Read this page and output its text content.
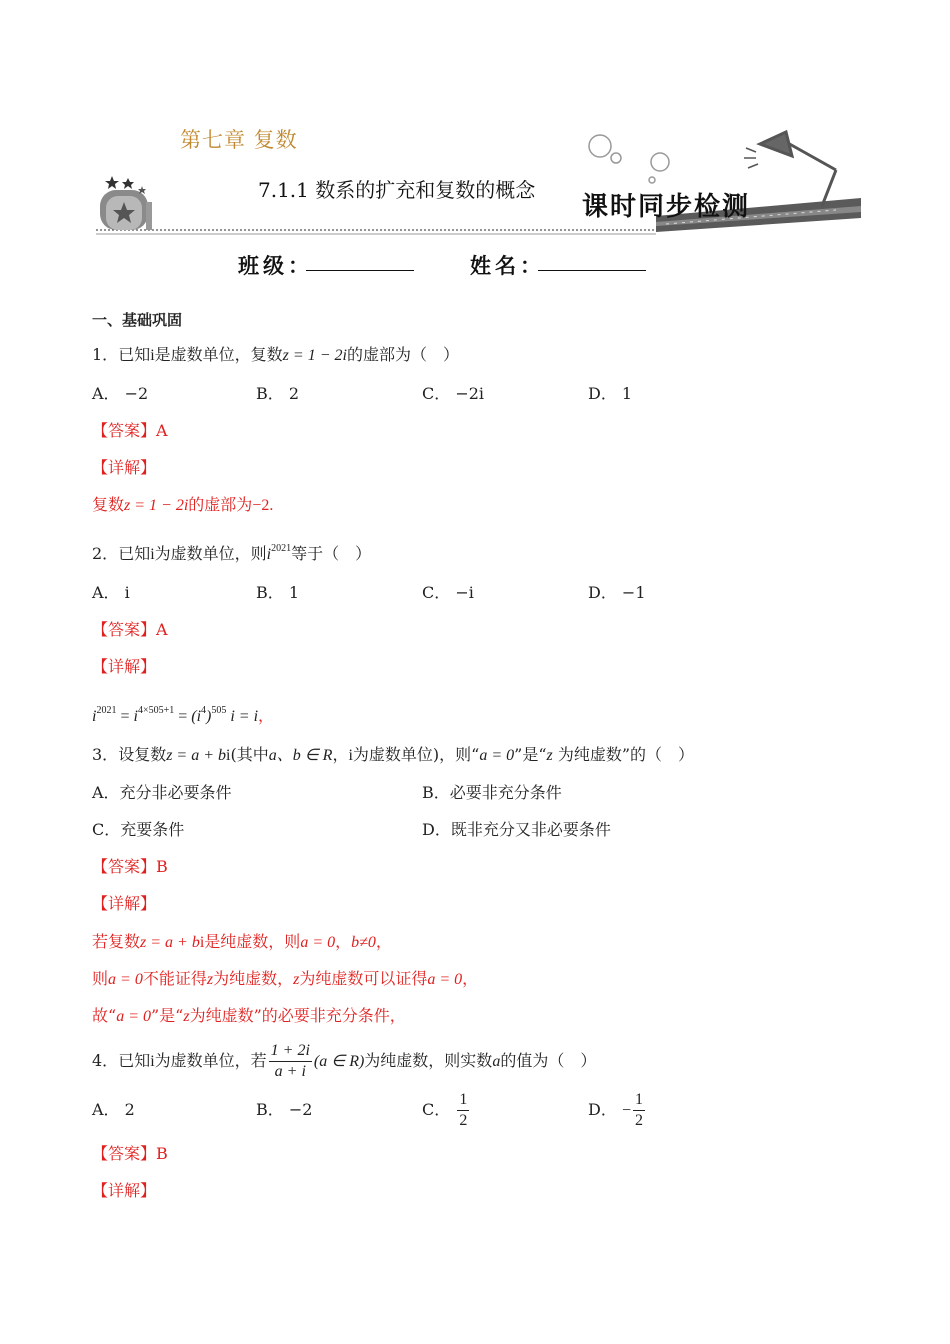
第七章 复数
7.1.1 数系的扩充和复数的概念
课时同步检测
班级：	姓名：
一、基础巩固
1．已知i是虚数单位，复数z = 1 − 2i的虚部为（　）
A． −2	B． 2	C． −2i	D． 1
【答案】A
【详解】
复数z = 1 − 2i的虚部为−2.
2．已知i为虚数单位，则$i^{2021}$等于（　）
A． i	B． 1	C． −i	D． −1
【答案】A
【详解】
$i^{2021} = i^{4\times 505+1} = (i^4)^{505}$ i = i，
3．设复数z = a + bi(其中a、b ∈ R，i为虚数单位)，则“a = 0”是“z 为纯虚数”的（　）
A．充分非必要条件	B．必要非充分条件
C．充要条件	D．既非充分又非必要条件
【答案】B
【详解】
若复数z = a + bi是纯虚数，则a = 0，b≠0，
则a = 0不能证得z为纯虚数，z为纯虚数可以证得a = 0，
故“a = 0”是“z为纯虚数”的必要非充分条件，
4．已知i为虚数单位，若 $\frac{1 + 2i}{a + i} (a$ ∈ R)为纯虚数，则实数a的值为（　）
A． 2	B． −2	C． $\frac{1}{2}$	D． − $\frac{1}{2}$
【答案】B
【详解】
